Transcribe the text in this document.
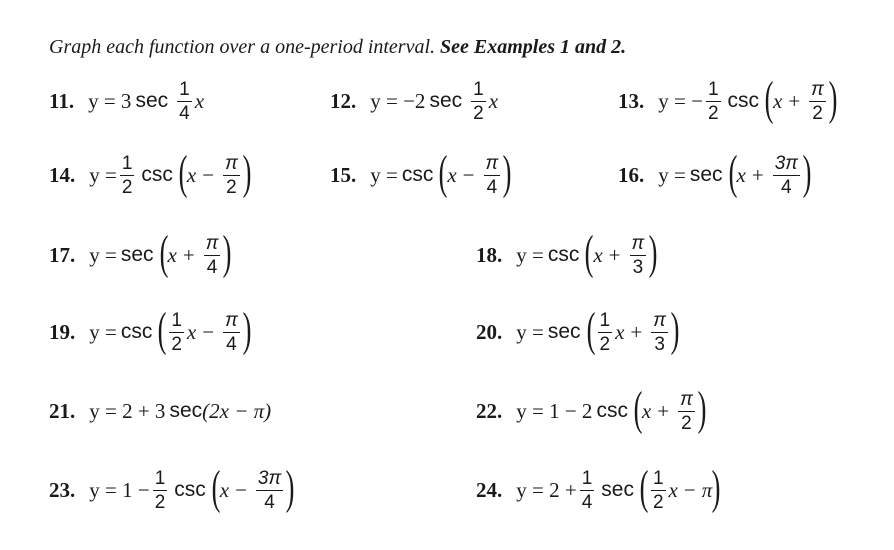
Graph each function over a one-period interval. See Examples 1 and 2.
11. y = 3 $\sec \frac{1}{4}$ x	12. y = −2 $\sec \frac{1}{2}$ x	13. y = − $\frac{1}{2}$ csc ( $x + \frac{\pi}{2}$ )
14. $y = \frac{1}{2}$ csc ( $x - \frac{\pi}{2}$ )	15. y = csc ( $x - \frac{\pi}{4}$ )	16. y = sec ( $x + \frac{3\pi}{4}$ )
17. y = sec ( $x + \frac{\pi}{4}$ )	18. y = csc ( $x + \frac{\pi}{3}$ )
19. y = csc ( $\frac{1}{2}$ $x - \frac{\pi}{4}$ )	20. y = sec ( $\frac{1}{2}$ $x + \frac{\pi}{3}$ )
21. y = 2 + 3 sec (2x − π)	22. y = 1 − 2 csc ( $x + \frac{\pi}{2}$ )
23. $y = 1 - \frac{1}{2}$ csc ( $x - \frac{3\pi}{4}$ )	24. $y = 2 + \frac{1}{4}$ sec ( $\frac{1}{2}$ x − π )
